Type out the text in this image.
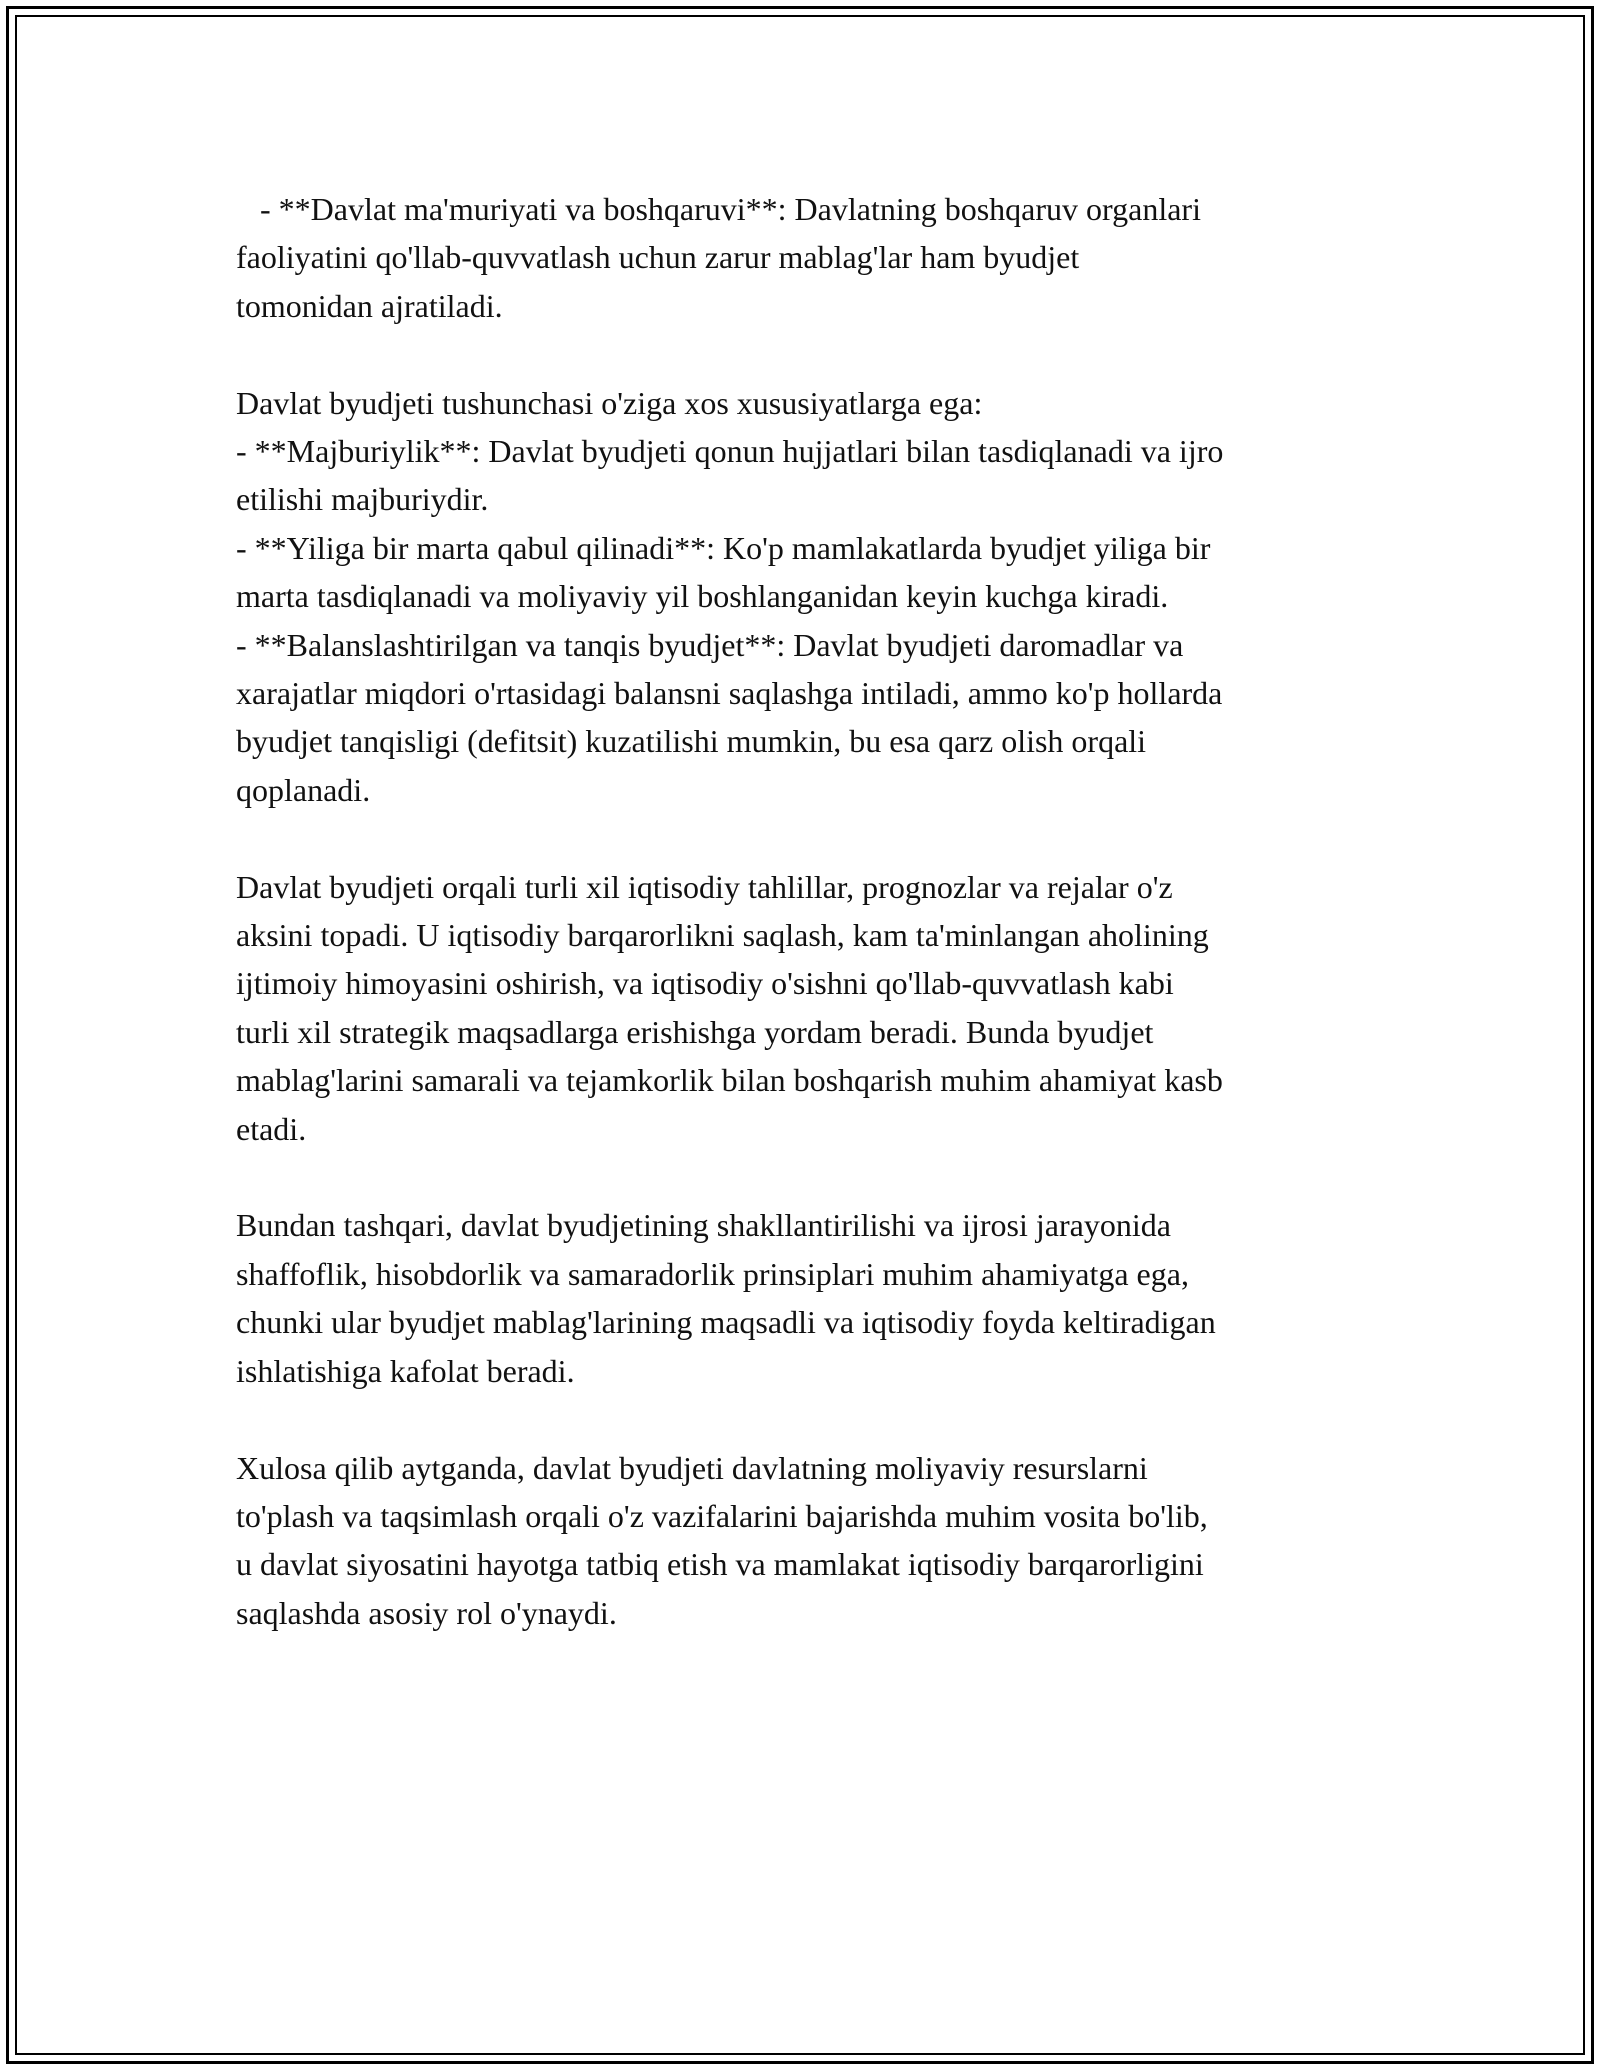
- **Davlat ma'muriyati va boshqaruvi**: Davlatning boshqaruv organlari
faoliyatini qo'llab-quvvatlash uchun zarur mablag'lar ham byudjet
tomonidan ajratiladi.
Davlat byudjeti tushunchasi o'ziga xos xususiyatlarga ega:
- **Majburiylik**: Davlat byudjeti qonun hujjatlari bilan tasdiqlanadi va ijro
etilishi majburiydir.
- **Yiliga bir marta qabul qilinadi**: Ko'p mamlakatlarda byudjet yiliga bir
marta tasdiqlanadi va moliyaviy yil boshlanganidan keyin kuchga kiradi.
- **Balanslashtirilgan va tanqis byudjet**: Davlat byudjeti daromadlar va
xarajatlar miqdori o'rtasidagi balansni saqlashga intiladi, ammo ko'p hollarda
byudjet tanqisligi (defitsit) kuzatilishi mumkin, bu esa qarz olish orqali
qoplanadi.
Davlat byudjeti orqali turli xil iqtisodiy tahlillar, prognozlar va rejalar o'z
aksini topadi. U iqtisodiy barqarorlikni saqlash, kam ta'minlangan aholining
ijtimoiy himoyasini oshirish, va iqtisodiy o'sishni qo'llab-quvvatlash kabi
turli xil strategik maqsadlarga erishishga yordam beradi. Bunda byudjet
mablag'larini samarali va tejamkorlik bilan boshqarish muhim ahamiyat kasb
etadi.
Bundan tashqari, davlat byudjetining shakllantirilishi va ijrosi jarayonida
shaffoflik, hisobdorlik va samaradorlik prinsiplari muhim ahamiyatga ega,
chunki ular byudjet mablag'larining maqsadli va iqtisodiy foyda keltiradigan
ishlatishiga kafolat beradi.
Xulosa qilib aytganda, davlat byudjeti davlatning moliyaviy resurslarni
to'plash va taqsimlash orqali o'z vazifalarini bajarishda muhim vosita bo'lib,
u davlat siyosatini hayotga tatbiq etish va mamlakat iqtisodiy barqarorligini
saqlashda asosiy rol o'ynaydi.
